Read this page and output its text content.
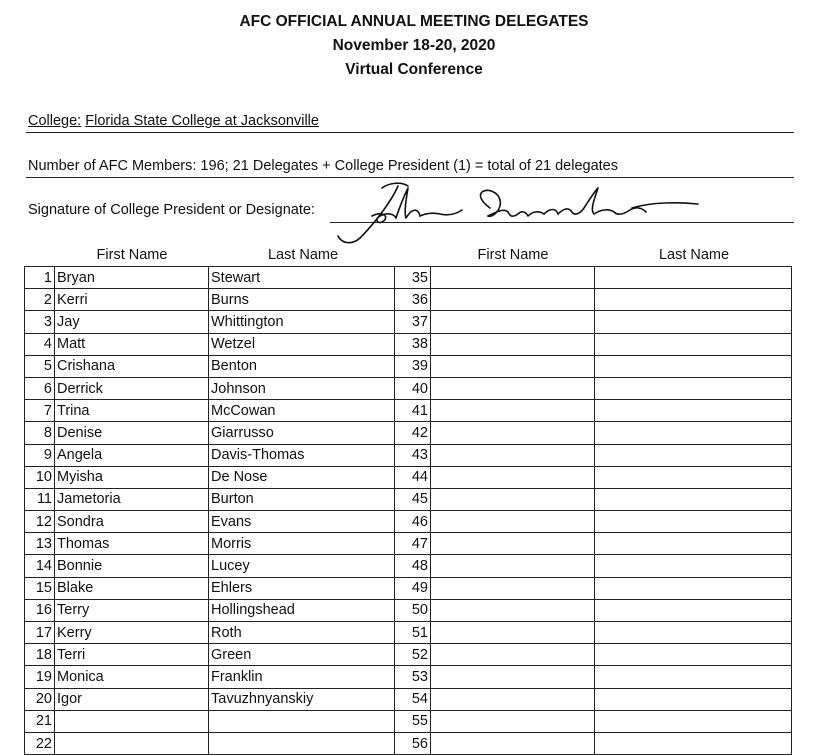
AFC OFFICIAL ANNUAL MEETING DELEGATES
November 18-20, 2020
Virtual Conference
College: Florida State College at Jacksonville
Number of AFC Members: 196; 21 Delegates + College President (1) = total of 21 delegates
Signature of College President or Designate:
First Name	Last Name	First Name	Last Name
1	Bryan	Stewart	35		
2	Kerri	Burns	36		
3	Jay	Whittington	37		
4	Matt	Wetzel	38		
5	Crishana	Benton	39		
6	Derrick	Johnson	40		
7	Trina	McCowan	41		
8	Denise	Giarrusso	42		
9	Angela	Davis-Thomas	43		
10	Myisha	De Nose	44		
11	Jametoria	Burton	45		
12	Sondra	Evans	46		
13	Thomas	Morris	47		
14	Bonnie	Lucey	48		
15	Blake	Ehlers	49		
16	Terry	Hollingshead	50		
17	Kerry	Roth	51		
18	Terri	Green	52		
19	Monica	Franklin	53		
20	Igor	Tavuzhnyanskiy	54		
21			55		
22			56		
